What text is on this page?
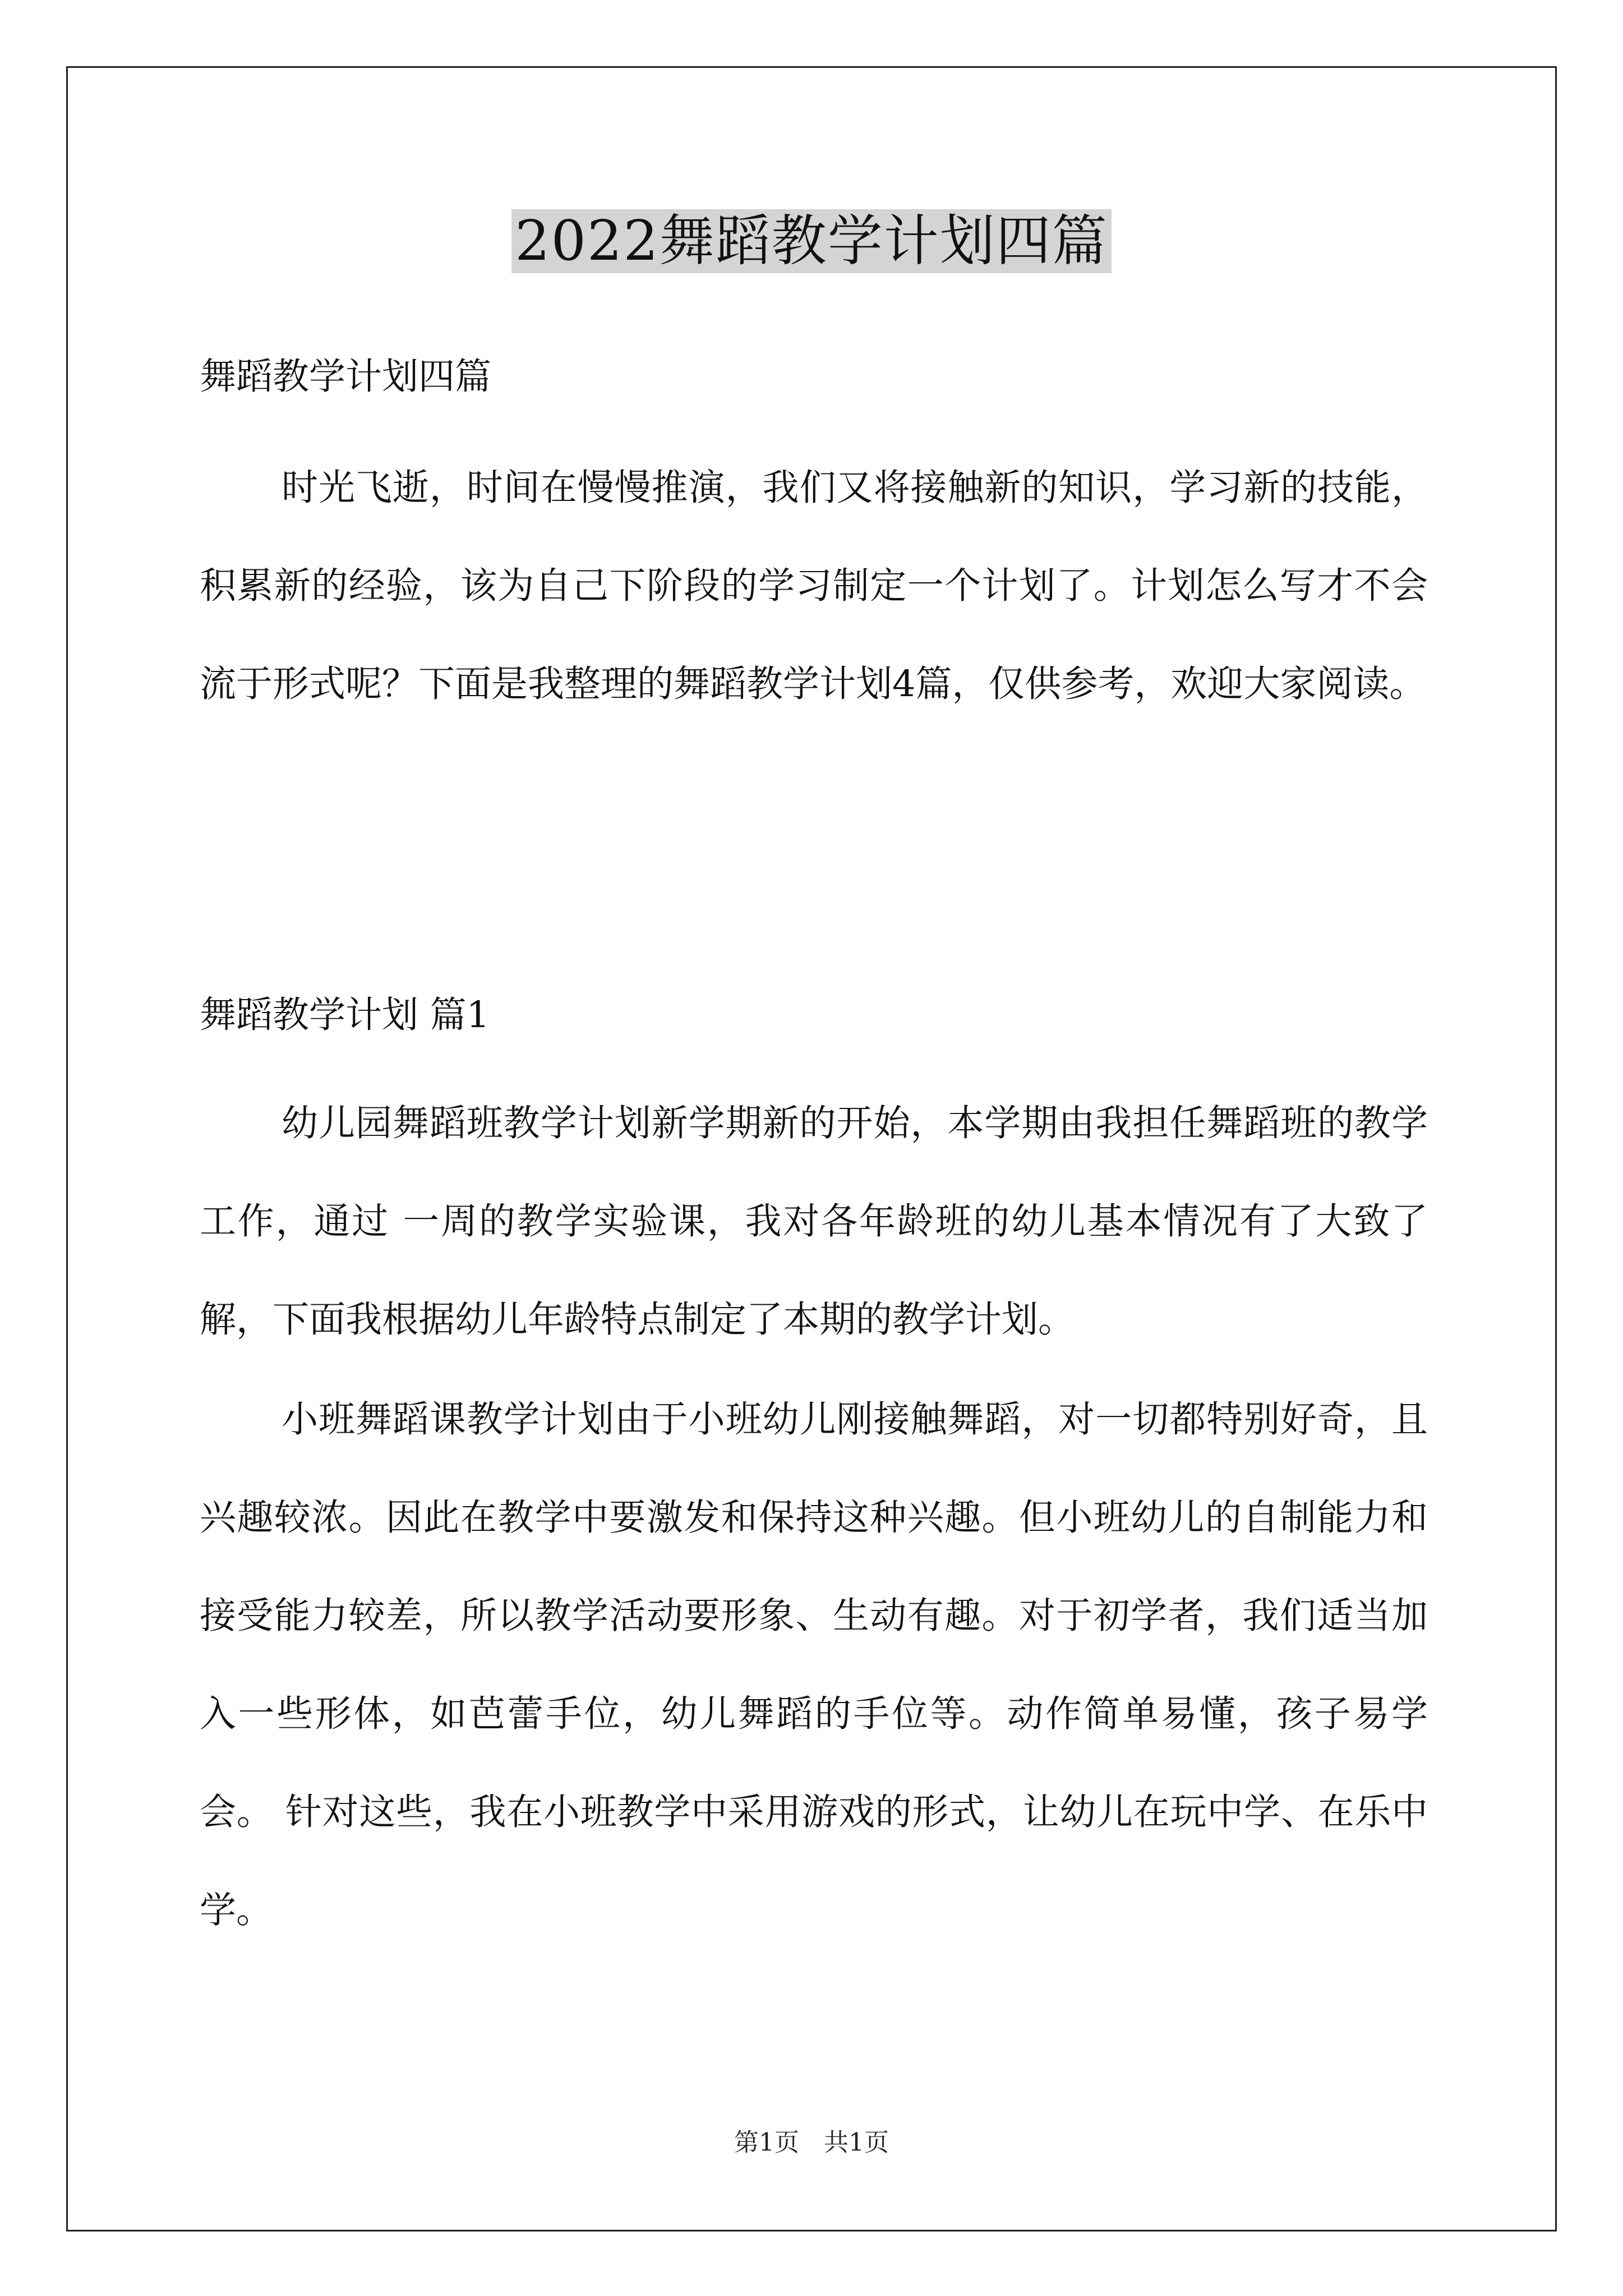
2022舞蹈教学计划四篇

舞蹈教学计划四篇

时光飞逝，时间在慢慢推演，我们又将接触新的知识，学习新的技能，积累新的经验，该为自己下阶段的学习制定一个计划了。计划怎么写才不会流于形式呢？下面是我整理的舞蹈教学计划4篇，仅供参考，欢迎大家阅读。

舞蹈教学计划 篇1

幼儿园舞蹈班教学计划新学期新的开始，本学期由我担任舞蹈班的教学工作，通过 一周的教学实验课，我对各年龄班的幼儿基本情况有了大致了解，下面我根据幼儿年龄特点制定了本期的教学计划。

小班舞蹈课教学计划由于小班幼儿刚接触舞蹈，对一切都特别好奇，且兴趣较浓。因此在教学中要激发和保持这种兴趣。但小班幼儿的自制能力和接受能力较差，所以教学活动要形象、生动有趣。对于初学者，我们适当加入一些形体，如芭蕾手位，幼儿舞蹈的手位等。动作简单易懂，孩子易学会。 针对这些，我在小班教学中采用游戏的形式，让幼儿在玩中学、在乐中学。

第1页　共1页
